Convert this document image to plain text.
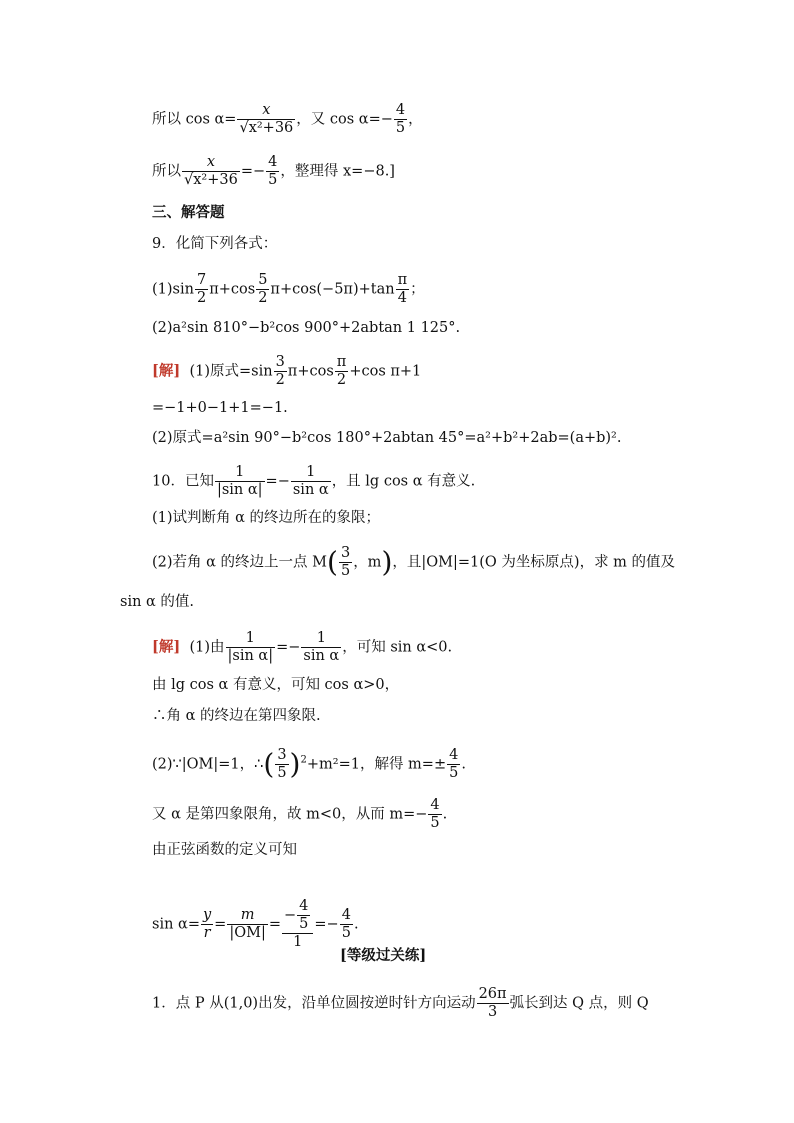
所以 $\cos \alpha= \frac{x}{\text{√x²+36}}$ ，又 $\cos \alpha=- \frac{4}{5}$ ，
所以 $\frac{x}{\text{√x²+36}} =- \frac{4}{5}$ ，整理得 x=−8.]
三、解答题
9．化简下列各式：
$(1)\sin \frac{7}{2} \pi+\cos \frac{5}{2} \pi+\cos(-5\pi)+\tan \frac{\pi}{4}$ ；
(2)a²sin 810°−b²cos 900°+2abtan 1 125°.
[解] (1)原式$=\sin \frac{3}{2} \pi+\cos \frac{\pi}{2} +\cos$ π+1
=−1+0−1+1=−1.
(2)原式=a²sin 90°−b²cos 180°+2abtan 45°=a²+b²+2ab=(a+b)².
10．已知 $\frac{1}{\text{|sin α|}} =- \frac{1}{\text{sin α}}$ ，且 lg cos α 有意义.
(1)试判断角 α 的终边所在的象限；
(2)若角 α 的终边上一点 $M( \frac{3}{5}$ ，m)，且|OM|=1(O 为坐标原点)，求 m 的值及
sin α 的值.
[解] (1)由 $\frac{1}{\text{|sin α|}} =- \frac{1}{\text{sin α}}$ ，可知 sin α<0.
由 lg cos α 有意义，可知 cos α>0，
∴角 α 的终边在第四象限.
(2)∵|OM|=1，∴( $\frac{3}{5} )^2+m^2=1$，解得 $m=\pm \frac{4}{5}$ .
又 α 是第四象限角，故 m<0，从而 $m=- \frac{4}{5}$ .
由正弦函数的定义可知
$\sin \alpha= \frac{y}{r} = \frac{m}{|OM|} = \frac{- \frac{4}{5}}{1} =- \frac{4}{5}$ .
[等级过关练]
1．点 P 从(1,0)出发，沿单位圆按逆时针方向运动 $\frac{26\pi}{3}$ 弧长到达 Q 点，则 Q
